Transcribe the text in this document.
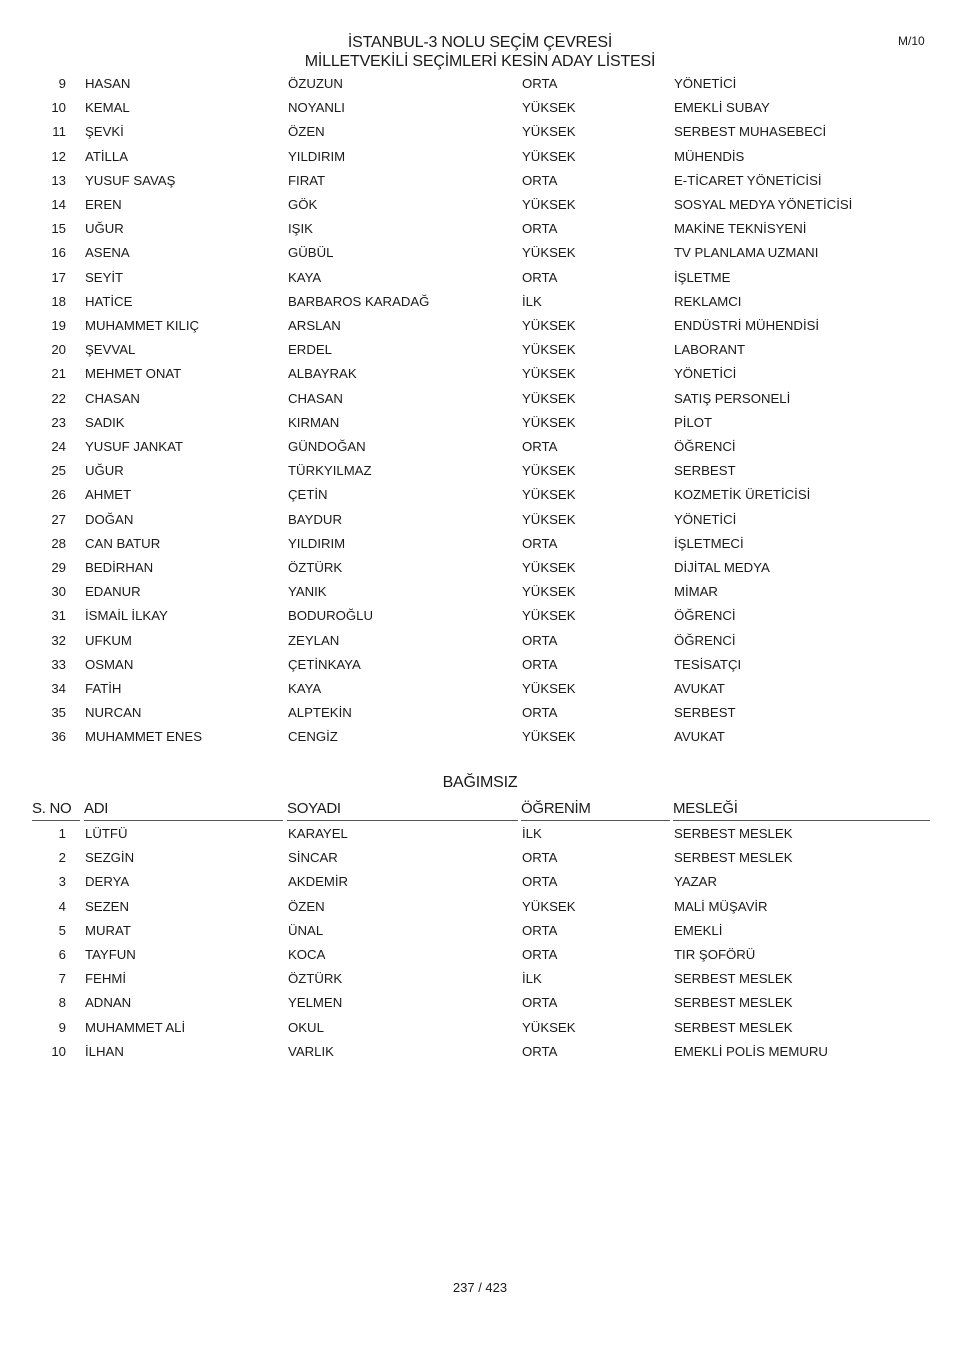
İSTANBUL-3 NOLU SEÇİM ÇEVRESİ
MİLLETVEKİLİ SEÇİMLERİ KESİN ADAY LİSTESİ
M/10
9 HASAN	ÖZUZUN	ORTA	YÖNETİCİ
10 KEMAL	NOYANLI	YÜKSEK	EMEKLİ SUBAY
11 ŞEVKİ	ÖZEN	YÜKSEK	SERBEST MUHASEBECİ
12 ATİLLA	YILDIRIM	YÜKSEK	MÜHENDİS
13 YUSUF SAVAŞ	FIRAT	ORTA	E-TİCARET YÖNETİCİSİ
14 EREN	GÖK	YÜKSEK	SOSYAL MEDYA YÖNETİCİSİ
15 UĞUR	IŞIK	ORTA	MAKİNE TEKNİSYENİ
16 ASENA	GÜBÜL	YÜKSEK	TV PLANLAMA UZMANI
17 SEYİT	KAYA	ORTA	İŞLETME
18 HATİCE	BARBAROS KARADAĞ	İLK	REKLAMCI
19 MUHAMMET KILIÇ	ARSLAN	YÜKSEK	ENDÜSTRİ MÜHENDİSİ
20 ŞEVVAL	ERDEL	YÜKSEK	LABORANT
21 MEHMET ONAT	ALBAYRAK	YÜKSEK	YÖNETİCİ
22 CHASAN	CHASAN	YÜKSEK	SATIŞ PERSONELİ
23 SADIK	KIRMAN	YÜKSEK	PİLOT
24 YUSUF JANKAT	GÜNDOĞAN	ORTA	ÖĞRENCİ
25 UĞUR	TÜRKYILMAZ	YÜKSEK	SERBEST
26 AHMET	ÇETİN	YÜKSEK	KOZMETİK ÜRETİCİSİ
27 DOĞAN	BAYDUR	YÜKSEK	YÖNETİCİ
28 CAN BATUR	YILDIRIM	ORTA	İŞLETMECİ
29 BEDİRHAN	ÖZTÜRK	YÜKSEK	DİJİTAL MEDYA
30 EDANUR	YANIK	YÜKSEK	MİMAR
31 İSMAİL İLKAY	BODUROĞLU	YÜKSEK	ÖĞRENCİ
32 UFKUM	ZEYLAN	ORTA	ÖĞRENCİ
33 OSMAN	ÇETİNKAYA	ORTA	TESİSATÇI
34 FATİH	KAYA	YÜKSEK	AVUKAT
35 NURCAN	ALPTEKİN	ORTA	SERBEST
36 MUHAMMET ENES	CENGİZ	YÜKSEK	AVUKAT
BAĞIMSIZ
S. NO ADI	SOYADI	ÖĞRENİM	MESLEĞİ
1 LÜTFÜ	KARAYEL	İLK	SERBEST MESLEK
2 SEZGİN	SİNCAR	ORTA	SERBEST MESLEK
3 DERYA	AKDEMİR	ORTA	YAZAR
4 SEZEN	ÖZEN	YÜKSEK	MALİ MÜŞAVİR
5 MURAT	ÜNAL	ORTA	EMEKLİ
6 TAYFUN	KOCA	ORTA	TIR ŞOFÖRÜ
7 FEHMİ	ÖZTÜRK	İLK	SERBEST MESLEK
8 ADNAN	YELMEN	ORTA	SERBEST MESLEK
9 MUHAMMET ALİ	OKUL	YÜKSEK	SERBEST MESLEK
10 İLHAN	VARLIK	ORTA	EMEKLİ POLİS MEMURU
237 / 423
